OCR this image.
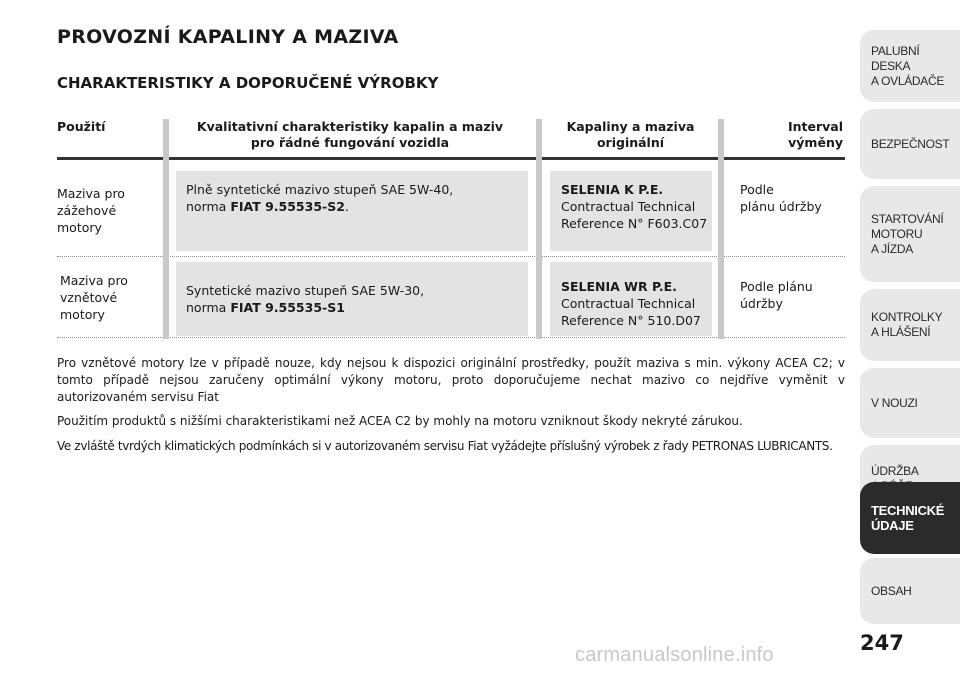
PROVOZNÍ KAPALINY A MAZIVA
CHARAKTERISTIKY A DOPORUČENÉ VÝROBKY
Použití	Kvalitativní charakteristiky kapalin a maziv
pro řádné fungování vozidla
Kapaliny a maziva
originální
Interval
výměny
Maziva pro
zážehové
motory
Plně syntetické mazivo stupeň SAE 5W-40,
norma FIAT 9.55535-S2.
SELENIA K P.E.
Contractual Technical
Reference N° F603.C07
Podle
plánu údržby
Maziva pro
vznětové
motory
Syntetické mazivo stupeň SAE 5W-30,
norma FIAT 9.55535-S1
SELENIA WR P.E.
Contractual Technical
Reference N° 510.D07
Podle plánu
údržby
Pro vznětové motory lze v případě nouze, kdy nejsou k dispozici originální prostředky, použít maziva s min. výkony ACEA C2; v tomto případě nejsou zaručeny optimální výkony motoru, proto doporučujeme nechat mazivo co nejdříve vyměnit v autorizovaném servisu Fiat
Použitím produktů s nižšími charakteristikami než ACEA C2 by mohly na motoru vzniknout škody nekryté zárukou.
Ve zvláště tvrdých klimatických podmínkách si v autorizovaném servisu Fiat vyžádejte příslušný výrobek z řady PETRONAS LUBRICANTS.
PALUBNÍ DESKA
A OVLÁDAČE
BEZPEČNOST
STARTOVÁNÍ
MOTORU
A JÍZDA
KONTROLKY
A HLÁŠENÍ
V NOUZI
ÚDRŽBA
TECHNICKÉ
ÚDAJE
OBSAH
247
carmanualsonline.info
